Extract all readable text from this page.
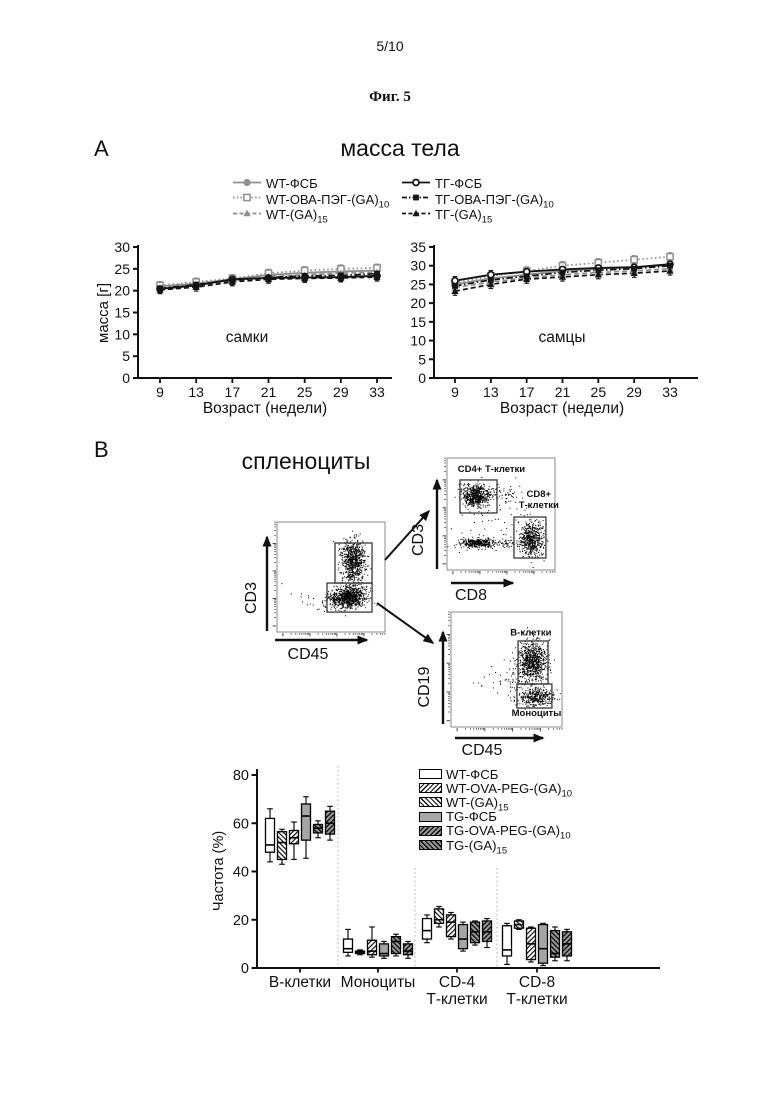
5/10
Фиг. 5
А	масса тела
WT-ФСБ
$WT-ОВА-ПЭГ-(GA)_{10}$
$WT-(GA)_{15}$
ТГ-ФСБ
$ТГ-ОВА-ПЭГ-(GA)_{10}$
$ТГ-(GA)_{15}$
0
5
10
15
20
25
30
9 13 17 21 25 29 33
Возраст (недели)
масса [г]	самки
0
5
10
15
20
25
30
35
9 13 17 21 25 29 33
Возраст (недели)
самцы
В	спленоциты
CD3
CD45
CD4+ Т-клетки
CD8+
Т-клетки
CD3
CD8
В-клетки
Моноциты
CD19
CD45
0
20
40
60
80
Частота (%)
В-клетки Моноциты CD-4
Т-клетки
CD-8
Т-клетки
WT-ФСБ
$WT-OVA-PEG-(GA)_{10}$
$WT-(GA)_{15}$
TG-ФСБ
$TG-OVA-PEG-(GA)_{10}$
$TG-(GA)_{15}$
